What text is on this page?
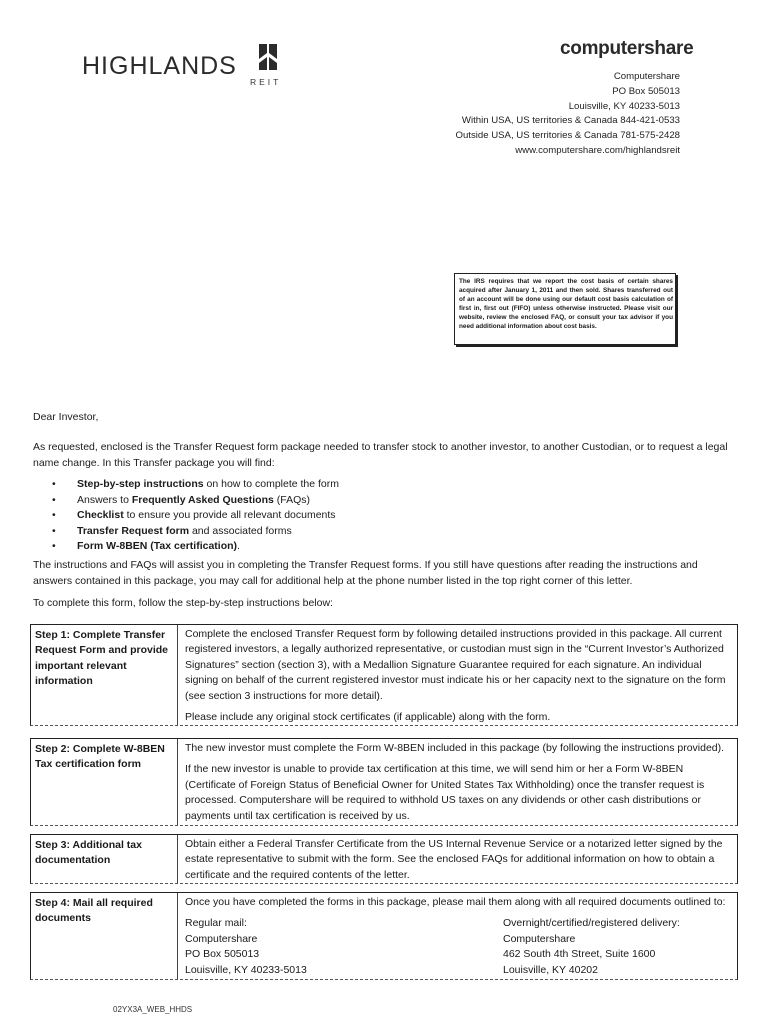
HIGHLANDS
REIT
computershare
Computershare
PO Box 505013
Louisville, KY 40233-5013
Within USA, US territories & Canada 844-421-0533
Outside USA, US territories & Canada 781-575-2428
www.computershare.com/highlandsreit
The IRS requires that we report the cost basis of certain shares acquired after January 1, 2011 and then sold. Shares transferred out of an account will be done using our default cost basis calculation of first in, first out (FIFO) unless otherwise instructed. Please visit our website, review the enclosed FAQ, or consult your tax advisor if you need additional information about cost basis.
Dear Investor,
As requested, enclosed is the Transfer Request form package needed to transfer stock to another investor, to another Custodian, or to request a legal name change. In this Transfer package you will find:
• Step-by-step instructions on how to complete the form
• Answers to Frequently Asked Questions (FAQs)
• Checklist to ensure you provide all relevant documents
• Transfer Request form and associated forms
• Form W-8BEN (Tax certification).
The instructions and FAQs will assist you in completing the Transfer Request forms. If you still have questions after reading the instructions and answers contained in this package, you may call for additional help at the phone number listed in the top right corner of this letter.
To complete this form, follow the step-by-step instructions below:
Step 1: Complete Transfer Request Form and provide important relevant information

Complete the enclosed Transfer Request form by following detailed instructions provided in this package. All current registered investors, a legally authorized representative, or custodian must sign in the “Current Investor’s Authorized Signatures” section (section 3), with a Medallion Signature Guarantee required for each signature. An individual signing on behalf of the current registered investor must indicate his or her capacity next to the signature on the form (see section 3 instructions for more detail).

Please include any original stock certificates (if applicable) along with the form.

Step 2: Complete W-8BEN Tax certification form

The new investor must complete the Form W-8BEN included in this package (by following the instructions provided).

If the new investor is unable to provide tax certification at this time, we will send him or her a Form W-8BEN (Certificate of Foreign Status of Beneficial Owner for United States Tax Withholding) once the transfer request is processed. Computershare will be required to withhold US taxes on any dividends or other cash distributions or payments until tax certification is received by us.

Step 3: Additional tax documentation

Obtain either a Federal Transfer Certificate from the US Internal Revenue Service or a notarized letter signed by the estate representative to submit with the form. See the enclosed FAQs for additional information on how to obtain a certificate and the required contents of the letter.

Step 4: Mail all required documents

Once you have completed the forms in this package, please mail them along with all required documents outlined to:

Regular mail:
Computershare
PO Box 505013
Louisville, KY 40233-5013
Overnight/certified/registered delivery:
Computershare
462 South 4th Street, Suite 1600
Louisville, KY 40202
02YX3A_WEB_HHDS
